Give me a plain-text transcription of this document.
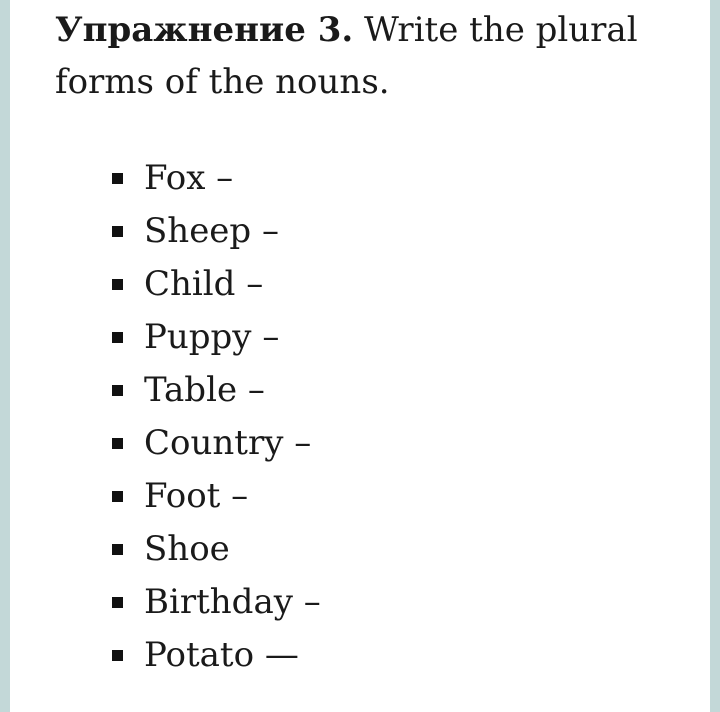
Упражнение 3. Write the plural forms of the nouns.

Fox –
Sheep –
Child –
Puppy –
Table –
Country –
Foot –
Shoe
Birthday –
Potato —
